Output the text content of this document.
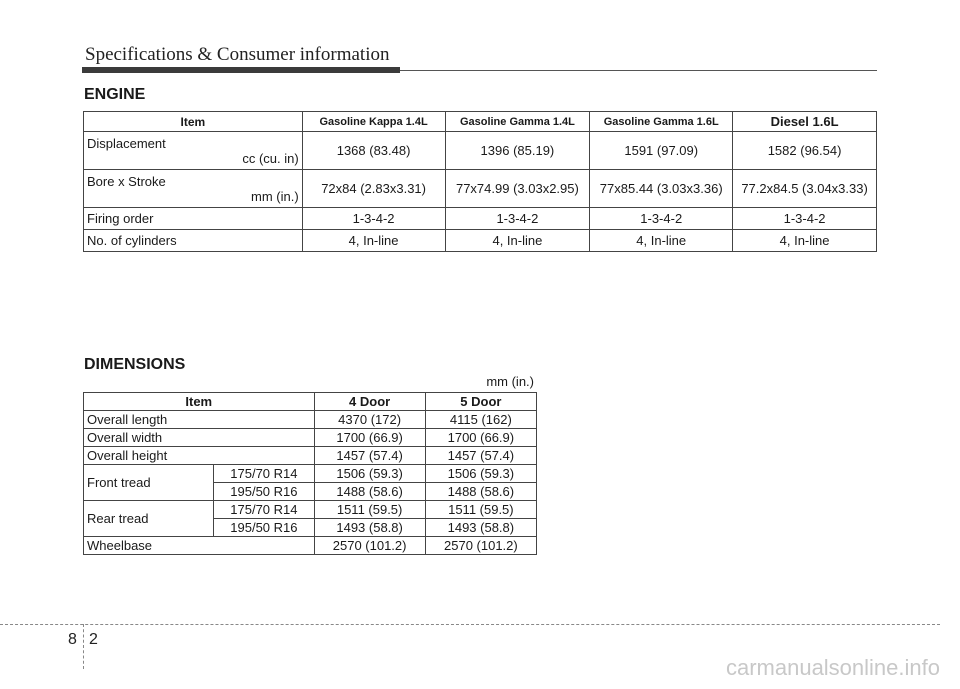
Specifications & Consumer information
ENGINE
Item	Gasoline Kappa 1.4L	Gasoline Gamma 1.4L	Gasoline Gamma 1.6L	Diesel 1.6L
Displacement
cc (cu. in)	1368 (83.48)	1396 (85.19)	1591 (97.09)	1582 (96.54)
Bore x Stroke
mm (in.)	72x84 (2.83x3.31)	77x74.99 (3.03x2.95)	77x85.44 (3.03x3.36)	77.2x84.5 (3.04x3.33)
Firing order	1-3-4-2	1-3-4-2	1-3-4-2	1-3-4-2
No. of cylinders	4, In-line	4, In-line	4, In-line	4, In-line
DIMENSIONS
mm (in.)
Item		4 Door	5 Door
Overall length		4370 (172)	4115 (162)
Overall width		1700 (66.9)	1700 (66.9)
Overall height		1457 (57.4)	1457 (57.4)
Front tread	175/70 R14	1506 (59.3)	1506 (59.3)
	195/50 R16	1488 (58.6)	1488 (58.6)
Rear tread	175/70 R14	1511 (59.5)	1511 (59.5)
	195/50 R16	1493 (58.8)	1493 (58.8)
Wheelbase		2570 (101.2)	2570 (101.2)
8 2
carmanualsonline.info
